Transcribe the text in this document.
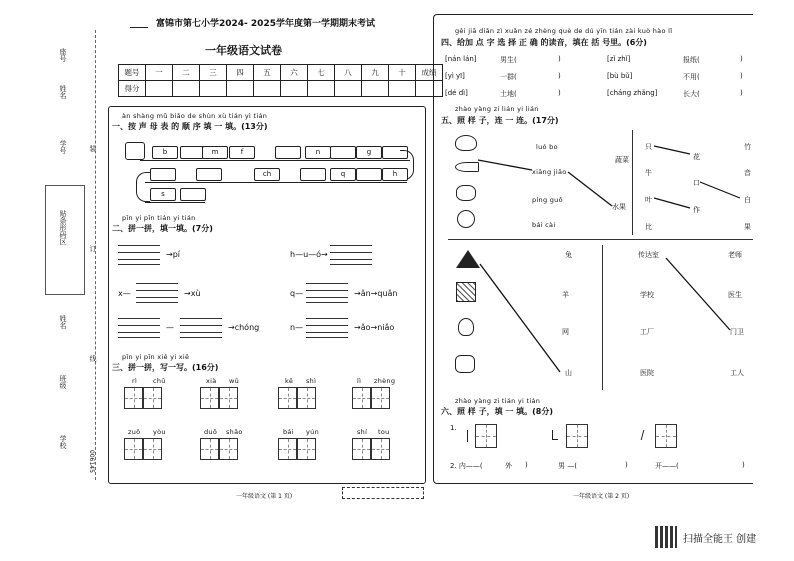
座号
姓名
学号
贴条形码区
姓名
班级
学校
装
订
线
006145
富锦市第七小学2024- 2025学年度第一学期期末考试
一年级语文试卷
题号	一	二	三	四	五	六	七	八	九	十	成绩
得分											
àn shàng mǔ biǎo de shùn xù tián yì tián
一、按 声 母 表 的 顺 序 填 一 填。(13分)
b	m	f	n	g
ch	q	h
s
pīn yi pīn tián yi tián
二、拼一拼，填一填。(7分)
→pí	h—u—ó→
x—	→xù	q—	→ǎn→quǎn
—	→chóng	n—	→ǎo→niǎo
pīn yi pīn xiě yi xiě
三、拼一拼，写一写。(16分)
rì chū	xià wǔ	kě shì	lì zhèng
zuǒ yòu	duō shǎo	bái yún	shí tou
一年级语文 (第 1 页)
gěi jiā diǎn zì xuǎn zé zhèng què de dú yīn tián zài kuò hào lǐ
四、给加 点 字 选 择 正 确 的读音，填在 括 号里。(6分)
[nán lán]	男生(	)	[zǐ zhǐ]	报纸(	)
[yì yī]	一群(	)	[bù bǔ]	不用(	)
[dé dì]	土地(	)	[cháng zhǎng]	长大(	)
zhào yàng zi lián yi lián
五、照 样 子，连 一 连。(17分)
luó bo
xiāng jiāo
píng guǒ
bái cài
蔬菜
水果
只
牛
叶
比
花
口
作
竹
音
白
果
兔
羊
网
山
传达室
学校
工厂
医院
老师
医生
门卫
工人
zhào yàng zi tián yi tián
六、照 样 子，填 一 填。(8分)
1.
2. 内——(	外 )	男 —(	)	开——(	)
一年级语文 (第 2 页)
扫描全能王 创建
